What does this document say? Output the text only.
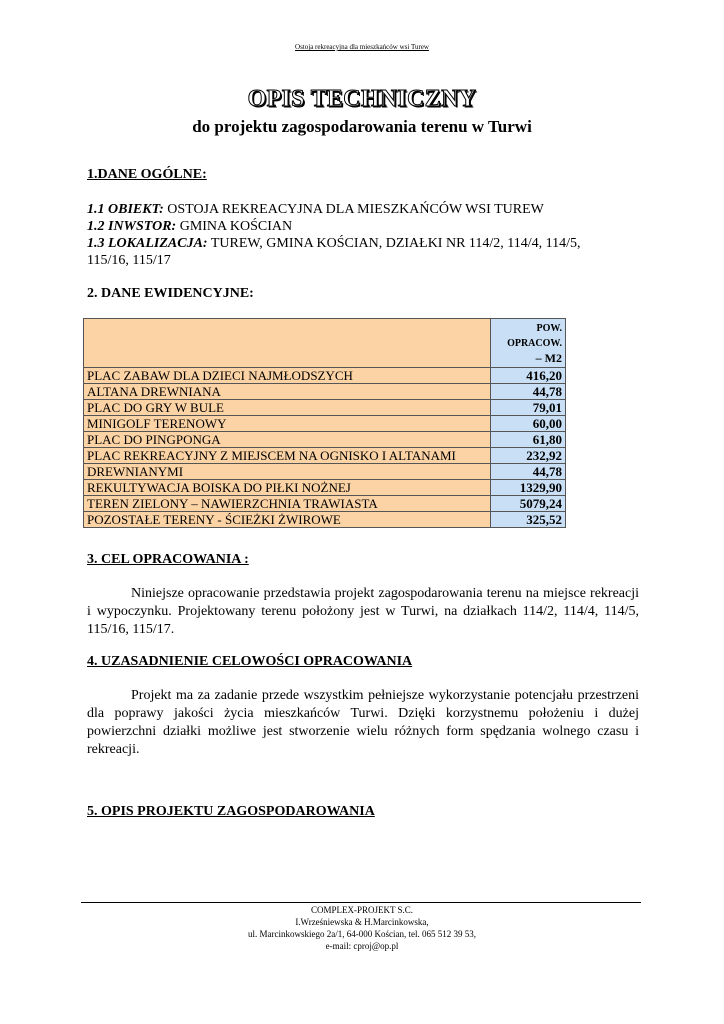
Ostoja rekreacyjna dla mieszkańców wsi Turew
OPIS TECHNICZNY
do projektu zagospodarowania terenu w Turwi
1.DANE OGÓLNE:
1.1 OBIEKT: OSTOJA REKREACYJNA DLA MIESZKAŃCÓW WSI TUREW
1.2 INWSTOR: GMINA KOŚCIAN
1.3 LOKALIZACJA: TUREW, GMINA KOŚCIAN, DZIAŁKI NR 114/2, 114/4, 114/5,
115/16, 115/17
2. DANE EWIDENCYJNE:

	POW.
OPRACOW.
– M2

PLAC ZABAW DLA DZIECI NAJMŁODSZYCH	416,20
ALTANA DREWNIANA	44,78
PLAC DO GRY W BULE	79,01
MINIGOLF TERENOWY	60,00
PLAC DO PINGPONGA	61,80
PLAC REKREACYJNY Z MIEJSCEM NA OGNISKO I ALTANAMI	232,92
DREWNIANYMI	44,78
REKULTYWACJA BOISKA DO PIŁKI NOŻNEJ	1329,90
TEREN ZIELONY – NAWIERZCHNIA TRAWIASTA	5079,24
POZOSTAŁE TERENY - ŚCIEŻKI ŻWIROWE	325,52
3. CEL OPRACOWANIA :
Niniejsze opracowanie przedstawia projekt zagospodarowania terenu na miejsce rekreacji i wypoczynku. Projektowany terenu położony jest w Turwi, na działkach 114/2, 114/4, 114/5, 115/16, 115/17.
4. UZASADNIENIE CELOWOŚCI OPRACOWANIA
Projekt ma za zadanie przede wszystkim pełniejsze wykorzystanie potencjału przestrzeni dla poprawy jakości życia mieszkańców Turwi. Dzięki korzystnemu położeniu i dużej powierzchni działki możliwe jest stworzenie wielu różnych form spędzania wolnego czasu i rekreacji.
5. OPIS PROJEKTU ZAGOSPODAROWANIA
COMPLEX-PROJEKT S.C.
I.Wrześniewska & H.Marcinkowska,
ul. Marcinkowskiego 2a/1, 64-000 Kościan, tel. 065 512 39 53,
e-mail: cproj@op.pl
